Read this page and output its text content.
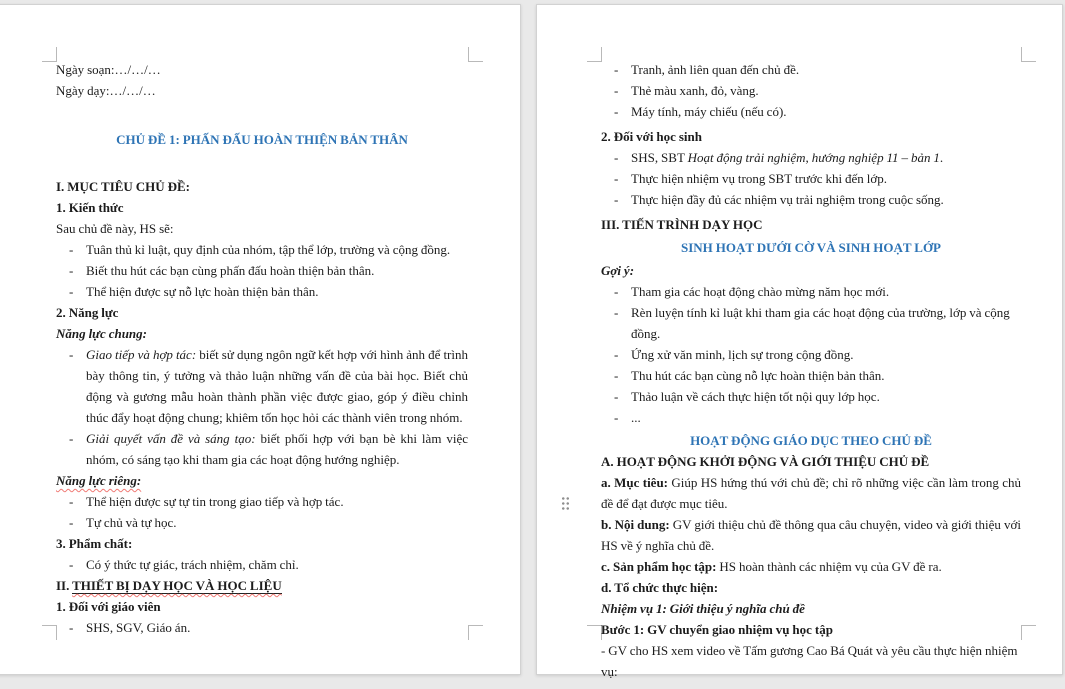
Ngày soạn:…/…/…
Ngày dạy:…/…/…
CHỦ ĐỀ 1: PHẤN ĐẤU HOÀN THIỆN BẢN THÂN
I. MỤC TIÊU CHỦ ĐỀ:
1. Kiến thức
Sau chủ đề này, HS sẽ:
- Tuân thủ kỉ luật, quy định của nhóm, tập thể lớp, trường và cộng đồng.
- Biết thu hút các bạn cùng phấn đấu hoàn thiện bản thân.
- Thể hiện được sự nỗ lực hoàn thiện bản thân.
2. Năng lực
Năng lực chung:
- Giao tiếp và hợp tác: biết sử dụng ngôn ngữ kết hợp với hình ảnh để trình bày thông tin, ý tưởng và thảo luận những vấn đề của bài học. Biết chủ động và gương mẫu hoàn thành phần việc được giao, góp ý điều chỉnh thúc đẩy hoạt động chung; khiêm tốn học hỏi các thành viên trong nhóm.
- Giải quyết vấn đề và sáng tạo: biết phối hợp với bạn bè khi làm việc nhóm, có sáng tạo khi tham gia các hoạt động hướng nghiệp.
Năng lực riêng:
- Thể hiện được sự tự tin trong giao tiếp và hợp tác.
- Tự chủ và tự học.
3. Phẩm chất:
- Có ý thức tự giác, trách nhiệm, chăm chỉ.
II. THIẾT BỊ DẠY HỌC VÀ HỌC LIỆU
1. Đối với giáo viên
- SHS, SGV, Giáo án.
- Tranh, ảnh liên quan đến chủ đề.
- Thẻ màu xanh, đỏ, vàng.
- Máy tính, máy chiếu (nếu có).
2. Đối với học sinh
- SHS, SBT Hoạt động trải nghiệm, hướng nghiệp 11 – bản 1.
- Thực hiện nhiệm vụ trong SBT trước khi đến lớp.
- Thực hiện đầy đủ các nhiệm vụ trải nghiệm trong cuộc sống.
III. TIẾN TRÌNH DẠY HỌC
SINH HOẠT DƯỚI CỜ VÀ SINH HOẠT LỚP
Gợi ý:
- Tham gia các hoạt động chào mừng năm học mới.
- Rèn luyện tính kỉ luật khi tham gia các hoạt động của trường, lớp và cộng đồng.
- Ứng xử văn minh, lịch sự trong cộng đồng.
- Thu hút các bạn cùng nỗ lực hoàn thiện bản thân.
- Thảo luận về cách thực hiện tốt nội quy lớp học.
- ...
HOẠT ĐỘNG GIÁO DỤC THEO CHỦ ĐỀ
A. HOẠT ĐỘNG KHỞI ĐỘNG VÀ GIỚI THIỆU CHỦ ĐỀ
a. Mục tiêu: Giúp HS hứng thú với chủ đề; chỉ rõ những việc cần làm trong chủ đề để đạt được mục tiêu.
b. Nội dung: GV giới thiệu chủ đề thông qua câu chuyện, video và giới thiệu với HS về ý nghĩa chủ đề.
c. Sản phẩm học tập: HS hoàn thành các nhiệm vụ của GV đề ra.
d. Tổ chức thực hiện:
Nhiệm vụ 1: Giới thiệu ý nghĩa chủ đề
Bước 1: GV chuyển giao nhiệm vụ học tập
- GV cho HS xem video về Tấm gương Cao Bá Quát và yêu cầu thực hiện nhiệm vụ:
